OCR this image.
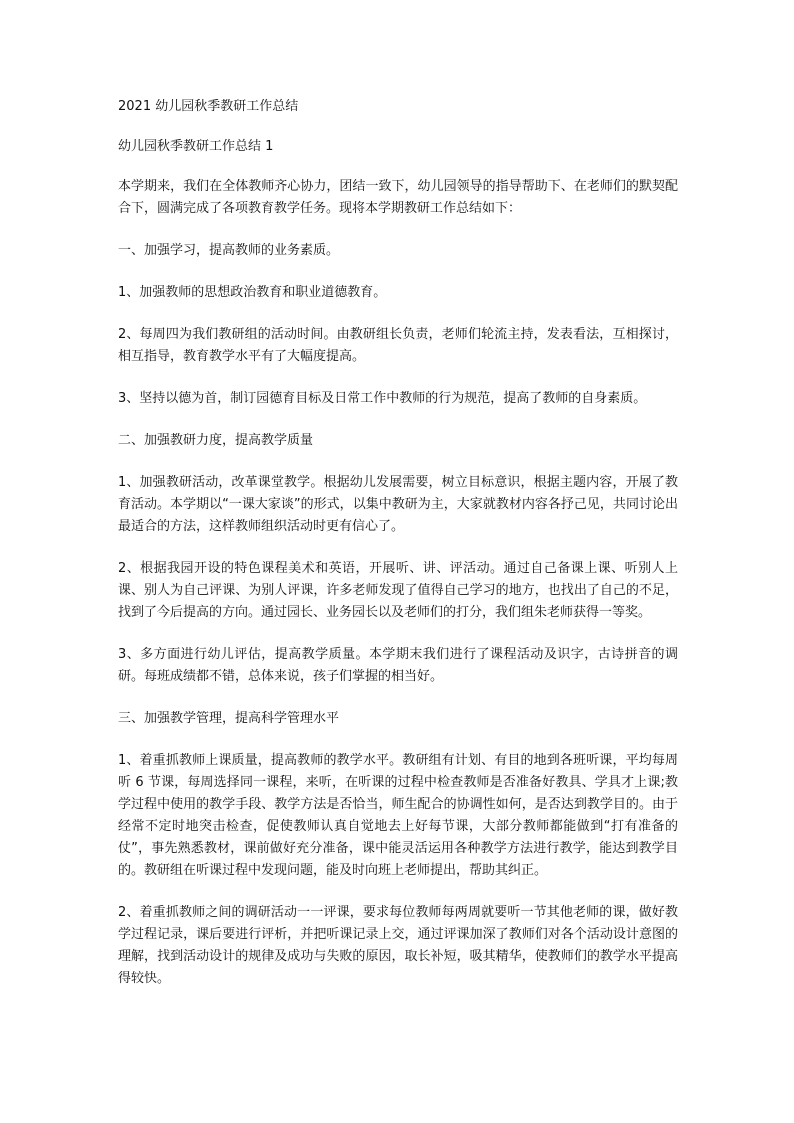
2021 幼儿园秋季教研工作总结
幼儿园秋季教研工作总结 1

本学期来，我们在全体教师齐心协力，团结一致下，幼儿园领导的指导帮助下、在老师们的默契配合下，圆满完成了各项教育教学任务。现将本学期教研工作总结如下：

一、加强学习，提高教师的业务素质。

1、加强教师的思想政治教育和职业道德教育。

2、每周四为我们教研组的活动时间。由教研组长负责，老师们轮流主持，发表看法，互相探讨，相互指导，教育教学水平有了大幅度提高。

3、坚持以德为首，制订园德育目标及日常工作中教师的行为规范，提高了教师的自身素质。

二、加强教研力度，提高教学质量

1、加强教研活动，改革课堂教学。根据幼儿发展需要，树立目标意识，根据主题内容，开展了教育活动。本学期以“一课大家谈”的形式，以集中教研为主，大家就教材内容各抒己见，共同讨论出最适合的方法，这样教师组织活动时更有信心了。

2、根据我园开设的特色课程美术和英语，开展听、讲、评活动。通过自己备课上课、听别人上课、别人为自己评课、为别人评课，许多老师发现了值得自己学习的地方，也找出了自己的不足，找到了今后提高的方向。通过园长、业务园长以及老师们的打分，我们组朱老师获得一等奖。

3、多方面进行幼儿评估，提高教学质量。本学期末我们进行了课程活动及识字，古诗拼音的调研。每班成绩都不错，总体来说，孩子们掌握的相当好。

三、加强教学管理，提高科学管理水平

1、着重抓教师上课质量，提高教师的教学水平。教研组有计划、有目的地到各班听课，平均每周听 6 节课，每周选择同一课程，来听，在听课的过程中检查教师是否准备好教具、学具才上课;教学过程中使用的教学手段、教学方法是否恰当，师生配合的协调性如何，是否达到教学目的。由于经常不定时地突击检查，促使教师认真自觉地去上好每节课，大部分教师都能做到“打有准备的仗”，事先熟悉教材，课前做好充分准备，课中能灵活运用各种教学方法进行教学，能达到教学目的。教研组在听课过程中发现问题，能及时向班上老师提出，帮助其纠正。

2、着重抓教师之间的调研活动一一评课，要求每位教师每两周就要听一节其他老师的课，做好教学过程记录，课后要进行评析，并把听课记录上交，通过评课加深了教师们对各个活动设计意图的理解，找到活动设计的规律及成功与失败的原因，取长补短，吸其精华，使教师们的教学水平提高得较快。
